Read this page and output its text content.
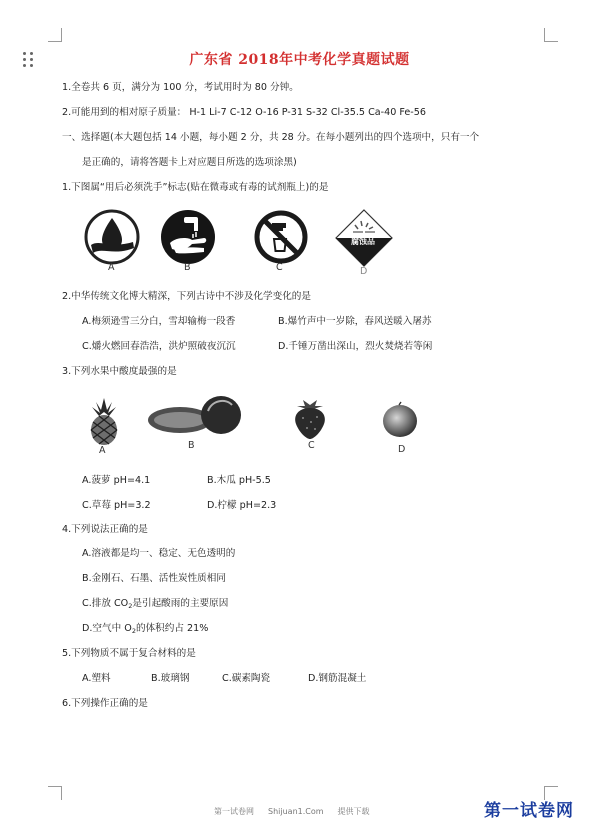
广东省 2018年中考化学真题试题
1.全卷共 6 页，满分为 100 分，考试用时为 80 分钟。
2.可能用到的相对原子质量： H-1 Li-7 C-12 O-16 P-31 S-32 Cl-35.5 Ca-40 Fe-56
一、选择题(本大题包括 14 小题，每小题 2 分，共 28 分。在每小题列出的四个选项中，只有一个
是正确的，请将答题卡上对应题目所选的选项涂黑)
1.下图属“用后必须洗手”标志(贴在微毒或有毒的试剂瓶上)的是
A	B	C
腐蚀品
D
2.中华传统文化博大精深，下列古诗中不涉及化学变化的是
A.梅须逊雪三分白，雪却输梅一段香	B.爆竹声中一岁除，春风送暖入屠苏
C.爝火燃回春浩浩，洪炉照破夜沉沉	D.千锤万凿出深山，烈火焚烧若等闲
3.下列水果中酸度最强的是
A	B	C	D
A.菠萝 pH=4.1	B.木瓜 pH-5.5
C.草莓 pH=3.2	D.柠檬 pH=2.3
4.下列说法正确的是
A.溶液都是均一、稳定、无色透明的
B.金刚石、石墨、活性炭性质相同
C.排放 $CO_2$是引起酸雨的主要原因
D.空气中 $O_2$的体积约占 21%
5.下列物质不属于复合材料的是
A.塑料	B.玻璃钢	C.碳素陶瓷	D.钢筋混凝土
6.下列操作正确的是
第一试卷网 Shijuan1.Com 提供下载	第一试卷网
